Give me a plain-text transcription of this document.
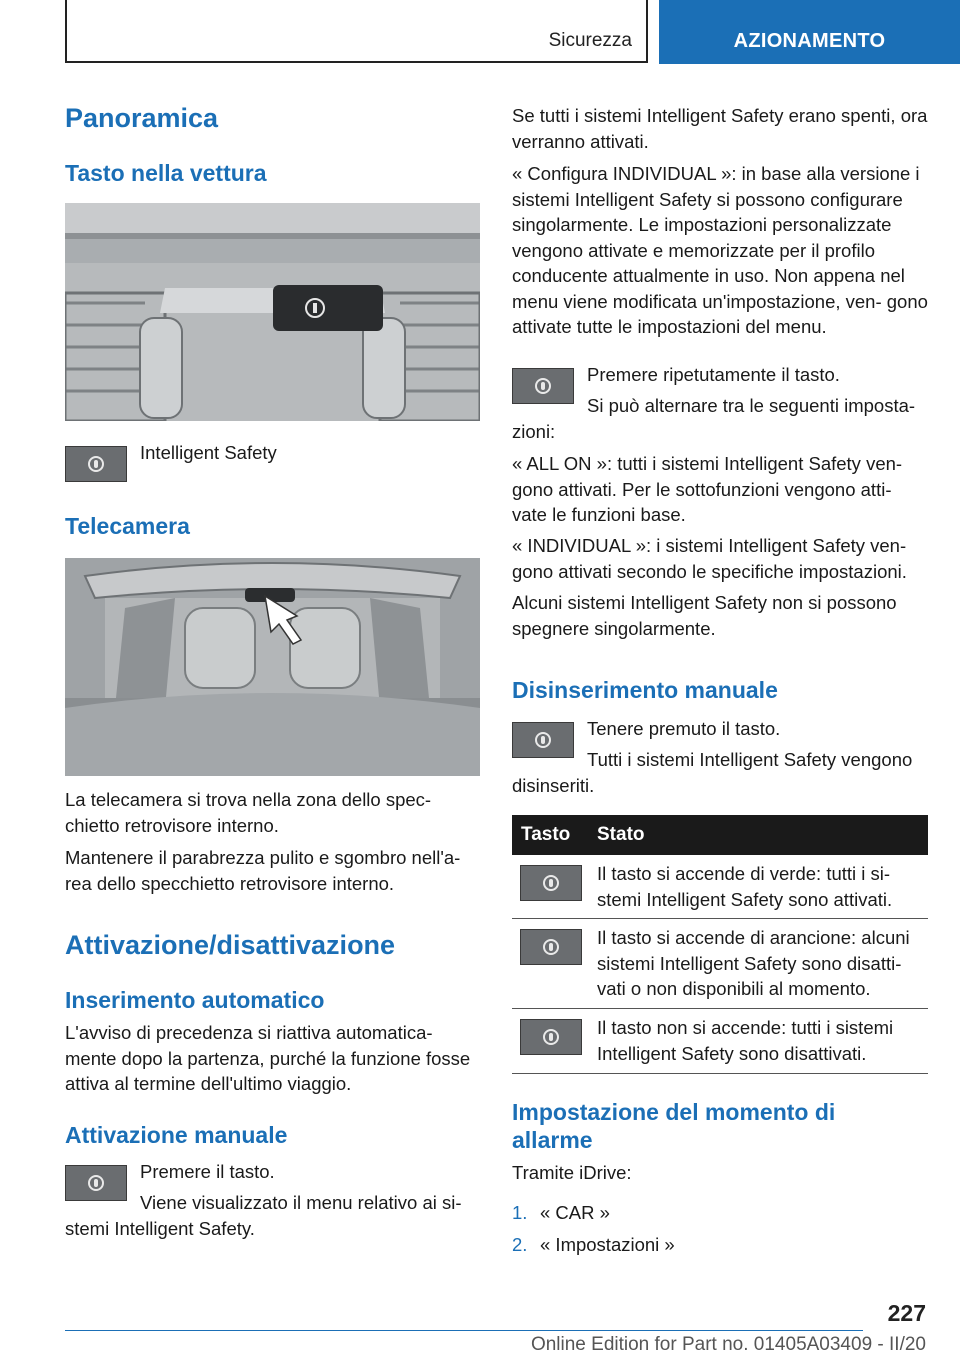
Sicurezza	AZIONAMENTO
Panoramica
Tasto nella vettura
Intelligent Safety
Telecamera

La telecamera si trova nella zona dello spec‐ chietto retrovisore interno.

Mantenere il parabrezza pulito e sgombro nell'a‐ rea dello specchietto retrovisore interno.

Attivazione/disattivazione
Inserimento automatico

L'avviso di precedenza si riattiva automatica‐ mente dopo la partenza, purché la funzione fosse attiva al termine dell'ultimo viaggio.

Attivazione manuale
Premere il tasto.
Viene visualizzato il menu relativo ai si‐
stemi Intelligent Safety.

Se tutti i sistemi Intelligent Safety erano spenti, ora verranno attivati.

« Configura INDIVIDUAL »: in base alla versione i sistemi Intelligent Safety si possono configurare singolarmente. Le impostazioni personalizzate vengono attivate e memorizzate per il profilo conducente attualmente in uso. Non appena nel menu viene modificata un'impostazione, ven‐ gono attivate tutte le impostazioni del menu.

Premere ripetutamente il tasto.
Si può alternare tra le seguenti imposta‐
zioni:

« ALL ON »: tutti i sistemi Intelligent Safety ven‐ gono attivati. Per le sottofunzioni vengono atti‐ vate le funzioni base.

« INDIVIDUAL »: i sistemi Intelligent Safety ven‐ gono attivati secondo le specifiche impostazioni.

Alcuni sistemi Intelligent Safety non si possono spegnere singolarmente.

Disinserimento manuale
Tenere premuto il tasto.
Tutti i sistemi Intelligent Safety vengono
disinseriti.
Tasto Stato

Il tasto si accende di verde: tutti i si‐ stemi Intelligent Safety sono attivati.

Il tasto si accende di arancione: alcuni sistemi Intelligent Safety sono disatti‐ vati o non disponibili al momento.

Il tasto non si accende: tutti i sistemi Intelligent Safety sono disattivati.

Impostazione del momento di allarme

Tramite iDrive:

1. « CAR »
2. « Impostazioni »
227
Online Edition for Part no. 01405A03409 - II/20
